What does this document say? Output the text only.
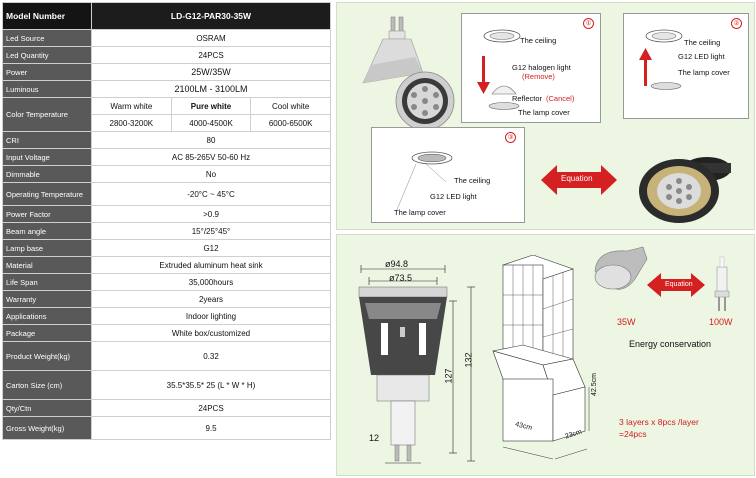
Model Number	LD-G12-PAR30-35W		
Led Source	OSRAM		
Led Quantity	24PCS		
Power	25W/35W		
Luminous	2100LM - 3100LM		
Color Temperature	Warm white	Pure white	Cool white
	2800-3200K	4000-4500K	6000-6500K
CRI	80		
Input Voltage	AC 85-265V 50-60 Hz		
Dimmable	No		
Operating Temperature	-20°C ~ 45°C		
Power Factor	>0.9		
Beam angle	15°/25°45°		
Lamp base	G12		
Material	Extruded aluminum heat sink		
Life Span	35,000hours		
Warranty	2years		
Applications	Indoor lighting		
Package	White box/customized		
Product Weight(kg)	0.32		
Carton Size (cm)	35.5*35.5* 25 (L * W * H)		
Qty/Ctn	24PCS		
Gross Weight(kg)	9.5		
①
The ceiling
G12 halogen light
(Remove)
Reflector (Cancel)
The lamp cover
②
The ceiling
G12 LED light
The lamp cover
③
The ceiling
G12 LED light
The lamp cover
Equation
ø94.8
ø73.5
127
132
12
42.5cm
43cm
23cm
Equation
35W	100W
Energy conservation
3 layers x 8pcs /layer
=24pcs
